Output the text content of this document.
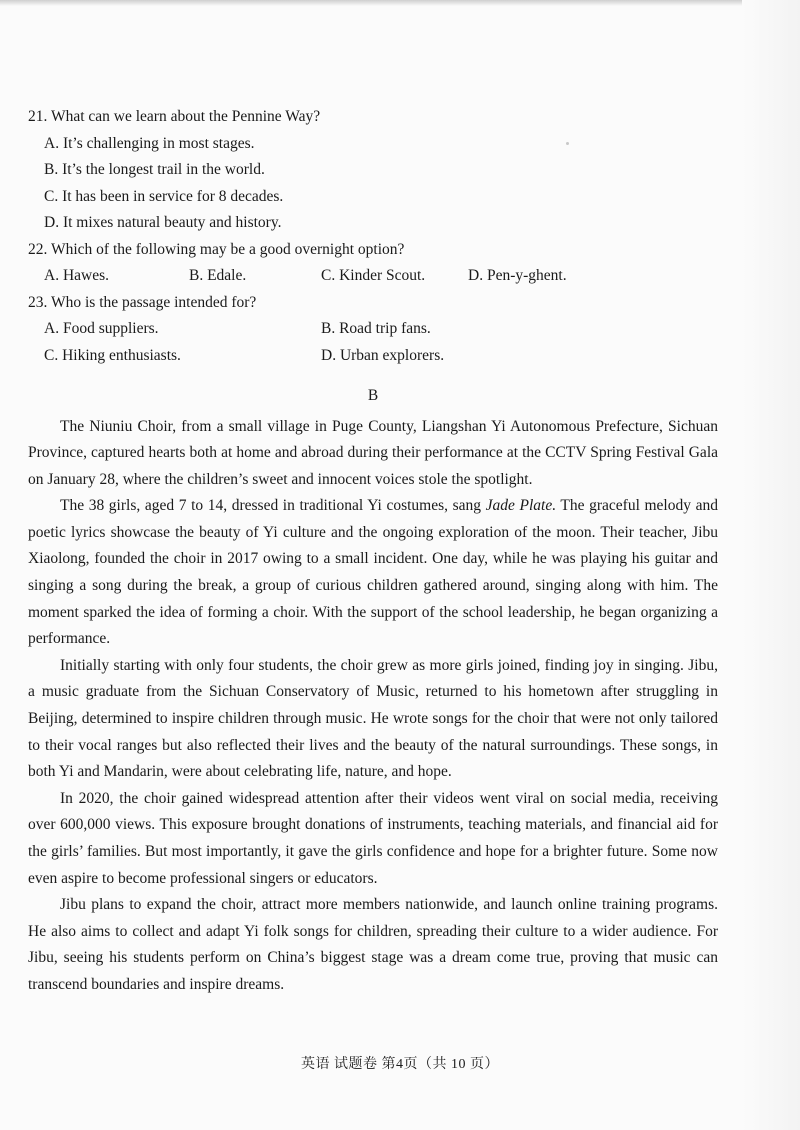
21. What can we learn about the Pennine Way?
A. It’s challenging in most stages.
B. It’s the longest trail in the world.
C. It has been in service for 8 decades.
D. It mixes natural beauty and history.
22. Which of the following may be a good overnight option?
A. Hawes.	B. Edale.	C. Kinder Scout.	D. Pen-y-ghent.
23. Who is the passage intended for?
A. Food suppliers.	B. Road trip fans.
C. Hiking enthusiasts.	D. Urban explorers.
B

The Niuniu Choir, from a small village in Puge County, Liangshan Yi Autonomous Prefecture, Sichuan Province, captured hearts both at home and abroad during their performance at the CCTV Spring Festival Gala on January 28, where the children’s sweet and innocent voices stole the spotlight.

The 38 girls, aged 7 to 14, dressed in traditional Yi costumes, sang Jade Plate. The graceful melody and poetic lyrics showcase the beauty of Yi culture and the ongoing exploration of the moon. Their teacher, Jibu Xiaolong, founded the choir in 2017 owing to a small incident. One day, while he was playing his guitar and singing a song during the break, a group of curious children gathered around, singing along with him. The moment sparked the idea of forming a choir. With the support of the school leadership, he began organizing a performance.

Initially starting with only four students, the choir grew as more girls joined, finding joy in singing. Jibu, a music graduate from the Sichuan Conservatory of Music, returned to his hometown after struggling in Beijing, determined to inspire children through music. He wrote songs for the choir that were not only tailored to their vocal ranges but also reflected their lives and the beauty of the natural surroundings. These songs, in both Yi and Mandarin, were about celebrating life, nature, and hope.

In 2020, the choir gained widespread attention after their videos went viral on social media, receiving over 600,000 views. This exposure brought donations of instruments, teaching materials, and financial aid for the girls’ families. But most importantly, it gave the girls confidence and hope for a brighter future. Some now even aspire to become professional singers or educators.

Jibu plans to expand the choir, attract more members nationwide, and launch online training programs. He also aims to collect and adapt Yi folk songs for children, spreading their culture to a wider audience. For Jibu, seeing his students perform on China’s biggest stage was a dream come true, proving that music can transcend boundaries and inspire dreams.

英语 试题卷 第4页（共 10 页）
